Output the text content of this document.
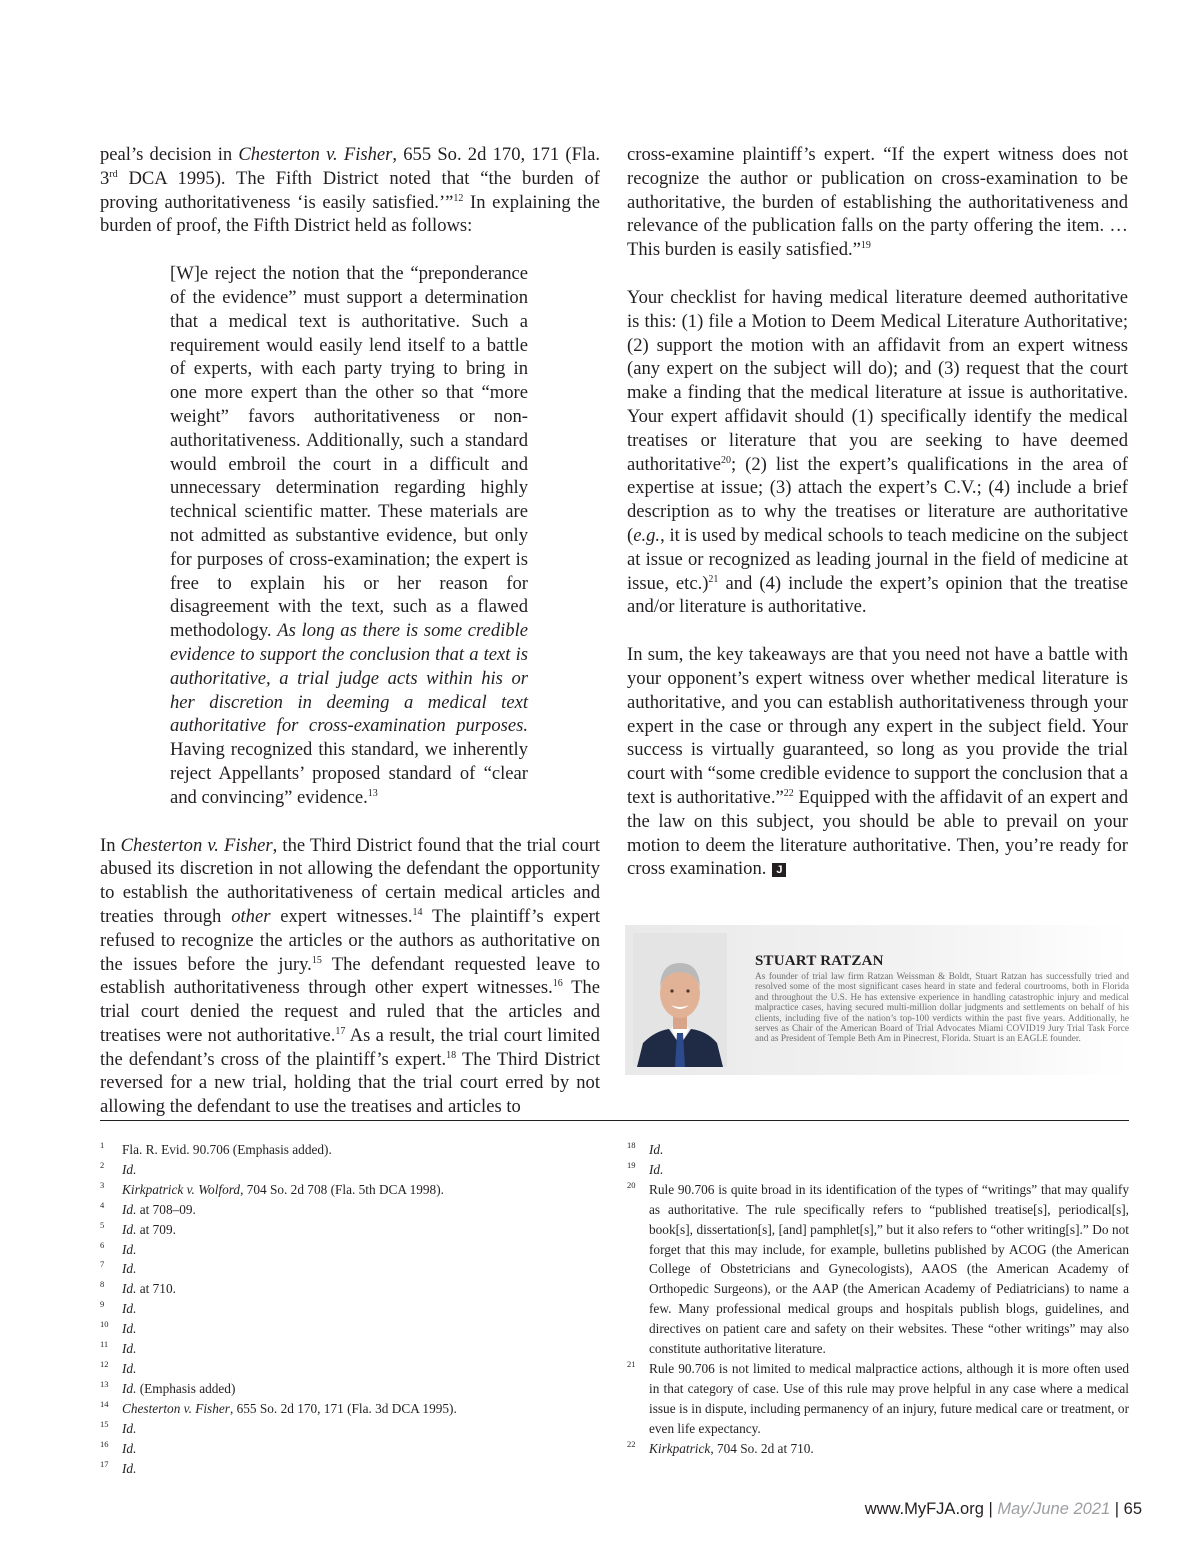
peal’s decision in Chesterton v. Fisher, 655 So. 2d 170, 171 (Fla. 3rd DCA 1995). The Fifth District noted that “the burden of proving authoritativeness ‘is easily satisfied.’”$^{12}$ In explaining the burden of proof, the Fifth District held as follows:

[W]e reject the notion that the “preponderance of the evidence” must support a determination that a medical text is authoritative. Such a requirement would easily lend itself to a battle of experts, with each party trying to bring in one more expert than the other so that “more weight” favors authoritativeness or non-authoritativeness. Additionally, such a standard would embroil the court in a difficult and unnecessary determination regarding highly technical scientific matter. These materials are not admitted as substantive evidence, but only for purposes of cross-examination; the expert is free to explain his or her reason for disagreement with the text, such as a flawed methodology. As long as there is some credible evidence to support the conclusion that a text is authoritative, a trial judge acts within his or her discretion in deeming a medical text authoritative for cross-examination purposes. Having recognized this standard, we inherently reject Appellants’ proposed standard of “clear and convincing” evidence.$^{13}$

In Chesterton v. Fisher, the Third District found that the trial court abused its discretion in not allowing the defendant the opportunity to establish the authoritativeness of certain medical articles and treaties through other expert witnesses.$^{14}$ The plaintiff’s expert refused to recognize the articles or the authors as authoritative on the issues before the jury.$^{15}$ The defendant requested leave to establish authoritativeness through other expert witnesses.$^{16}$ The trial court denied the request and ruled that the articles and treatises were not authoritative.$^{17}$ As a result, the trial court limited the defendant’s cross of the plaintiff’s expert.$^{18}$ The Third District reversed for a new trial, holding that the trial court erred by not allowing the defendant to use the treatises and articles to

cross-examine plaintiff’s expert. “If the expert witness does not recognize the author or publication on cross-examination to be authoritative, the burden of establishing the authoritativeness and relevance of the publication falls on the party offering the item. … This burden is easily satisfied.”$^{19}$

Your checklist for having medical literature deemed authoritative is this: (1) file a Motion to Deem Medical Literature Authoritative; (2) support the motion with an affidavit from an expert witness (any expert on the subject will do); and (3) request that the court make a finding that the medical literature at issue is authoritative. Your expert affidavit should (1) specifically identify the medical treatises or literature that you are seeking to have deemed authoritative$^{20}$; (2) list the expert’s qualifications in the area of expertise at issue; (3) attach the expert’s C.V.; (4) include a brief description as to why the treatises or literature are authoritative (e.g., it is used by medical schools to teach medicine on the subject at issue or recognized as leading journal in the field of medicine at issue, etc.)$^{21}$ and (4) include the expert’s opinion that the treatise and/or literature is authoritative.

In sum, the key takeaways are that you need not have a battle with your opponent’s expert witness over whether medical literature is authoritative, and you can establish authoritativeness through your expert in the case or through any expert in the subject field. Your success is virtually guaranteed, so long as you provide the trial court with “some credible evidence to support the conclusion that a text is authoritative.”$^{22}$ Equipped with the affidavit of an expert and the law on this subject, you should be able to prevail on your motion to deem the literature authoritative. Then, you’re ready for cross examination. J

STUART RATZAN
As founder of trial law firm Ratzan Weissman & Boldt, Stuart Ratzan has successfully tried and resolved some of the most significant cases heard in state and federal courtrooms, both in Florida and throughout the U.S. He has extensive experience in handling catastrophic injury and medical malpractice cases, having secured multi-million dollar judgments and settlements on behalf of his clients, including five of the nation’s top-100 verdicts within the past five years. Additionally, he serves as Chair of the American Board of Trial Advocates Miami COVID19 Jury Trial Task Force and as President of Temple Beth Am in Pinecrest, Florida. Stuart is an EAGLE founder.
1 Fla. R. Evid. 90.706 (Emphasis added).
2 Id.
3 Kirkpatrick v. Wolford, 704 So. 2d 708 (Fla. 5th DCA 1998).
4 Id. at 708–09.
5 Id. at 709.
6 Id.
7 Id.
8 Id. at 710.
9 Id.
10 Id.
11 Id.
12 Id.
13 Id. (Emphasis added)
14 Chesterton v. Fisher, 655 So. 2d 170, 171 (Fla. 3d DCA 1995).
15 Id.
16 Id.
17 Id.
18 Id.
19 Id.
20 Rule 90.706 is quite broad in its identification of the types of “writings” that may qualify as authoritative. The rule specifically refers to “published treatise[s], periodical[s], book[s], dissertation[s], [and] pamphlet[s],” but it also refers to “other writing[s].” Do not forget that this may include, for example, bulletins published by ACOG (the American College of Obstetricians and Gynecologists), AAOS (the American Academy of Orthopedic Surgeons), or the AAP (the American Academy of Pediatricians) to name a few. Many professional medical groups and hospitals publish blogs, guidelines, and directives on patient care and safety on their websites. These “other writings” may also constitute authoritative literature.
21 Rule 90.706 is not limited to medical malpractice actions, although it is more often used in that category of case. Use of this rule may prove helpful in any case where a medical issue is in dispute, including permanency of an injury, future medical care or treatment, or even life expectancy.
22 Kirkpatrick, 704 So. 2d at 710.
www.MyFJA.org | May/June 2021 | 65
